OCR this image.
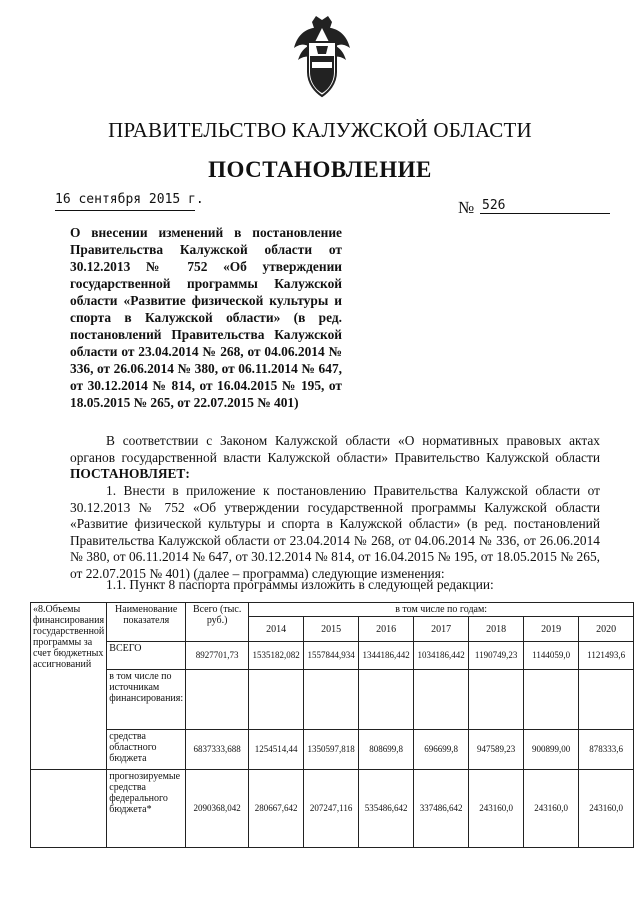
ПРАВИТЕЛЬСТВО КАЛУЖСКОЙ ОБЛАСТИ
ПОСТАНОВЛЕНИЕ
16 сентября 2015 г.	№ 526
О внесении изменений в постановление Правительства Калужской области от 30.12.2013 № 752 «Об утверждении государственной программы Калужской области «Развитие физической культуры и спорта в Калужской области» (в ред. постановлений Правительства Калужской области от 23.04.2014 № 268, от 04.06.2014 № 336, от 26.06.2014 № 380, от 06.11.2014 № 647, от 30.12.2014 № 814, от 16.04.2015 № 195, от 18.05.2015 № 265, от 22.07.2015 № 401)
В соответствии с Законом Калужской области «О нормативных правовых актах органов государственной власти Калужской области» Правительство Калужской области ПОСТАНОВЛЯЕТ:
1. Внести в приложение к постановлению Правительства Калужской области от 30.12.2013 № 752 «Об утверждении государственной программы Калужской области «Развитие физической культуры и спорта в Калужской области» (в ред. постановлений Правительства Калужской области от 23.04.2014 № 268, от 04.06.2014 № 336, от 26.06.2014 № 380, от 06.11.2014 № 647, от 30.12.2014 № 814, от 16.04.2015 № 195, от 18.05.2015 № 265, от 22.07.2015 № 401) (далее – программа) следующие изменения:
1.1. Пункт 8 паспорта программы изложить в следующей редакции:
«8.Объемы финансирования государственной программы за счет бюджетных ассигнований	Наименование показателя	Всего (тыс. руб.)	в том числе по годам:						
			2014	2015	2016	2017	2018	2019	2020
	ВСЕГО	8927701,73	1535182,082	1557844,934	1344186,442	1034186,442	1190749,23	1144059,0	1121493,6
	в том числе по источникам финансирования:								
	средства областного бюджета	6837333,688	1254514,44	1350597,818	808699,8	696699,8	947589,23	900899,00	878333,6
	прогнозируемые средства федерального бюджета*	2090368,042	280667,642	207247,116	535486,642	337486,642	243160,0	243160,0	243160,0
